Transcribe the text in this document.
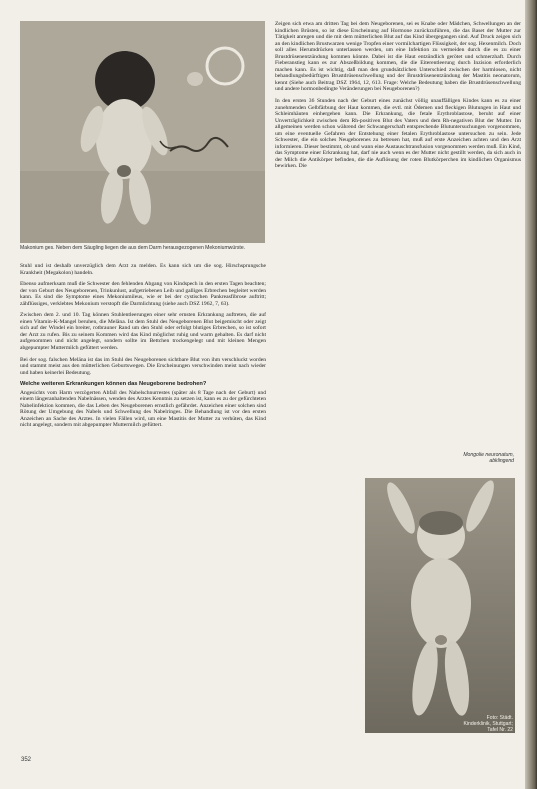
Makonium ges. Neben dem Säugling liegen die aus dem Darm herausgezogenen Mekoniumwürste.

Stuhl und ist deshalb unverzüglich dem Arzt zu melden. Es kann sich um die sog. Hirschsprungsche Krankheit (Megakolon) handeln.

Ebenso aufmerksam muß die Schwester den fehlenden Abgang von Kindspech in den ersten Tagen beachten; der von Geburt des Neugeborenen, Trinkunlust, aufgetriebenen Leib und galliges Erbrechen begleitet werden kann. Es sind die Symptome eines Mekoniumileus, wie er bei der cystischen Pankreasfibrose auftritt; zähflüssiges, verklebtes Mekonium verstopft die Darmlichtung (siehe auch DSZ 1962, 7, 63).

Zwischen dem 2. und 10. Tag können Stuhlentleerungen einer sehr ernsten Erkrankung auftreten, die auf einen Vitamin-K-Mangel beruhen, die Meläna. Ist dem Stuhl des Neugeborenen Blut beigemischt oder zeigt sich auf der Windel ein breiter, rotbrauner Rand um den Stuhl oder erfolgt blutiges Erbrechen, so ist sofort der Arzt zu rufen. Bis zu seinem Kommen wird das Kind möglichst ruhig und warm gehalten. Es darf nicht aufgenommen und nicht angelegt, sondern sollte im Bettchen trockengelegt und mit kleinen Mengen abgepumpter Muttermilch gefüttert werden.

Bei der sog. falschen Meläna ist das im Stuhl des Neugeborenen sichtbare Blut von ihm verschluckt worden und stammt meist aus den mütterlichen Geburtswegen. Die Erscheinungen verschwinden meist nach wieder und haben keinerlei Bedeutung.

Welche weiteren Erkrankungen können das Neugeborene bedrohen?

Angesichts vom Harm verzögerten Abfall des Nabelschnurrestes (später als 8 Tage nach der Geburt) und einem längeranhaltenden Nabelnässen, wenden des Arztes Kenntnis zu setzen ist, kann es zu der gefürchteten Nabelinfektion kommen, die das Leben des Neugeborenen ernstlich gefährdet. Anzeichen einer solchen sind Rötung der Umgebung des Nabels und Schwellung des Nabelringes. Die Behandlung ist vor den ersten Anzeichen an Sache des Arztes. In vielen Fällen wird, um eine Mastitis der Mutter zu verhüten, das Kind nicht angelegt, sondern mit abgepumpter Muttermilch gefüttert.

Zeigen sich etwa am dritten Tag bei dem Neugeborenen, sei es Knabe oder Mädchen, Schwellungen an der kindlichen Brüsten, so ist diese Erscheinung auf Hormone zurückzuführen, die das Baset der Mutter zur Tätigkeit anregen und die mit dem mütterlichen Blut auf das Kind übergegangen sind. Auf Druck zeigen sich an den kindlichen Brustwarzen wenige Tropfen einer vormilchartigen Flüssigkeit, der sog. Hexenmilch. Doch soll alles Herumdrücken unterlassen werden, um eine Infektion zu vermeiden durch die es zu einer Brustdrüsenentzündung kommen könnte. Dabei ist die Haut entzündlich gerötet und schmerzhaft. Durch Fieberanstieg kann es zur Abszeßbildung kommen, die die Eiterentleerung durch Inzision erforderlich machen kann. Es ist wichtig, daß man den grundsätzlichen Unterschied zwischen der harmlosen, nicht behandlungsbedürftigen Brustdrüsenschwellung und der Brustdrüsenentzündung der Mastitis neonatorum, kennt (Siehe auch Beitrag DSZ 1964, 12, 613. Frage: Welche Bedeutung haben die Brustdrüsenschwellung und andere hormonbedingte Veränderungen bei Neugeborenen?)

In den ersten 36 Stunden nach der Geburt eines zunächst völlig unauffälligen Kindes kann es zu einer zunehmenden Gelbfärbung der Haut kommen, die evtl. mit Ödemen und fleckigen Blutungen in Haut und Schleimhäuten einhergehen kann. Die Erkrankung, die fetale Erythroblastose, beruht auf einer Unverträglichkeit zwischen dem Rh-positiven Blut des Vaters und dem Rh-negativen Blut der Mutter. Im allgemeinen werden schon während der Schwangerschaft entsprechende Blutuntersuchungen vorgenommen, um eine eventuelle Gefahren der Entstehung einer fetalen Erythroblastose untersuchen zu sein. Jede Schwester, die ein solches Neugeborenes zu betreuen hat, muß auf erste Anzeichen achten und den Arzt informieren. Dieser bestimmt, ob und wann eine Austauschtransfusion vorgenommen werden muß. Ein Kind, das Symptome einer Erkrankung hat, darf nie auch wenn es der Mutter nicht gestillt werden, da sich auch in der Milch die Antikörper befinden, die die Auflösung der roten Blutkörperchen im kindlichen Organismus bewirken. Die

Mongolie neuronatum, abklingend
Foto: Städt. Kinderklinik, Stuttgart; Tafel Nr. 22
352
